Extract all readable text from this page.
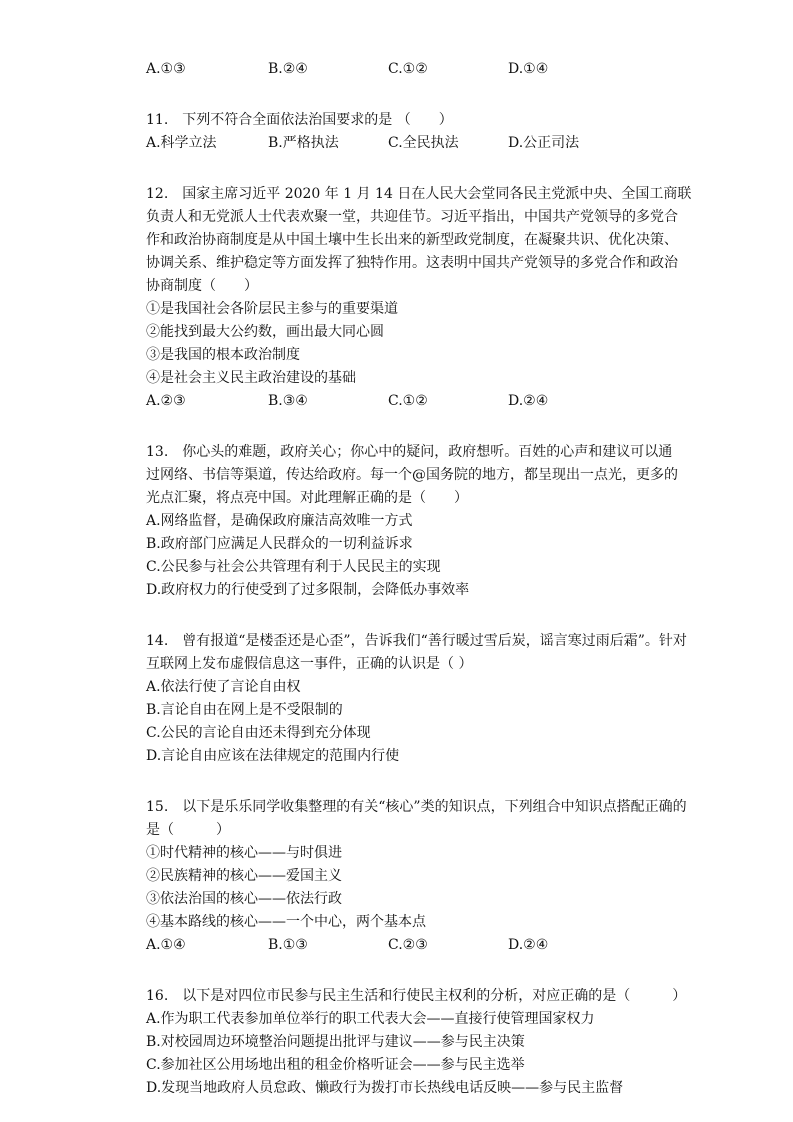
A.①③	B.②④	C.①②	D.①④
11.　下列不符合全面依法治国要求的是 （　　）
A.科学立法	B.严格执法	C.全民执法	D.公正司法
12.　国家主席习近平 2020 年 1 月 14 日在人民大会堂同各民主党派中央、全国工商联
负责人和无党派人士代表欢聚一堂，共迎佳节。习近平指出，中国共产党领导的多党合
作和政治协商制度是从中国土壤中生长出来的新型政党制度，在凝聚共识、优化决策、
协调关系、维护稳定等方面发挥了独特作用。这表明中国共产党领导的多党合作和政治
协商制度（　　）
①是我国社会各阶层民主参与的重要渠道
②能找到最大公约数，画出最大同心圆
③是我国的根本政治制度
④是社会主义民主政治建设的基础
A.②③	B.③④	C.①②	D.②④
13.　你心头的难题，政府关心；你心中的疑问，政府想听。百姓的心声和建议可以通
过网络、书信等渠道，传达给政府。每一个@国务院的地方，都呈现出一点光，更多的
光点汇聚，将点亮中国。对此理解正确的是（　　）
A.网络监督，是确保政府廉洁高效唯一方式
B.政府部门应满足人民群众的一切利益诉求
C.公民参与社会公共管理有利于人民民主的实现
D.政府权力的行使受到了过多限制，会降低办事效率
14.　曾有报道“是楼歪还是心歪”，告诉我们“善行暖过雪后炭，谣言寒过雨后霜”。针对
互联网上发布虚假信息这一事件，正确的认识是（ ）
A.依法行使了言论自由权
B.言论自由在网上是不受限制的
C.公民的言论自由还未得到充分体现
D.言论自由应该在法律规定的范围内行使
15.　以下是乐乐同学收集整理的有关“核心”类的知识点，下列组合中知识点搭配正确的
是（　　　）
①时代精神的核心——与时俱进
②民族精神的核心——爱国主义
③依法治国的核心——依法行政
④基本路线的核心——一个中心，两个基本点
A.①④	B.①③	C.②③	D.②④
16.　以下是对四位市民参与民主生活和行使民主权利的分析，对应正确的是（　　　）
A.作为职工代表参加单位举行的职工代表大会——直接行使管理国家权力
B.对校园周边环境整治问题提出批评与建议——参与民主决策
C.参加社区公用场地出租的租金价格听证会——参与民主选举
D.发现当地政府人员怠政、懒政行为拨打市长热线电话反映——参与民主监督
